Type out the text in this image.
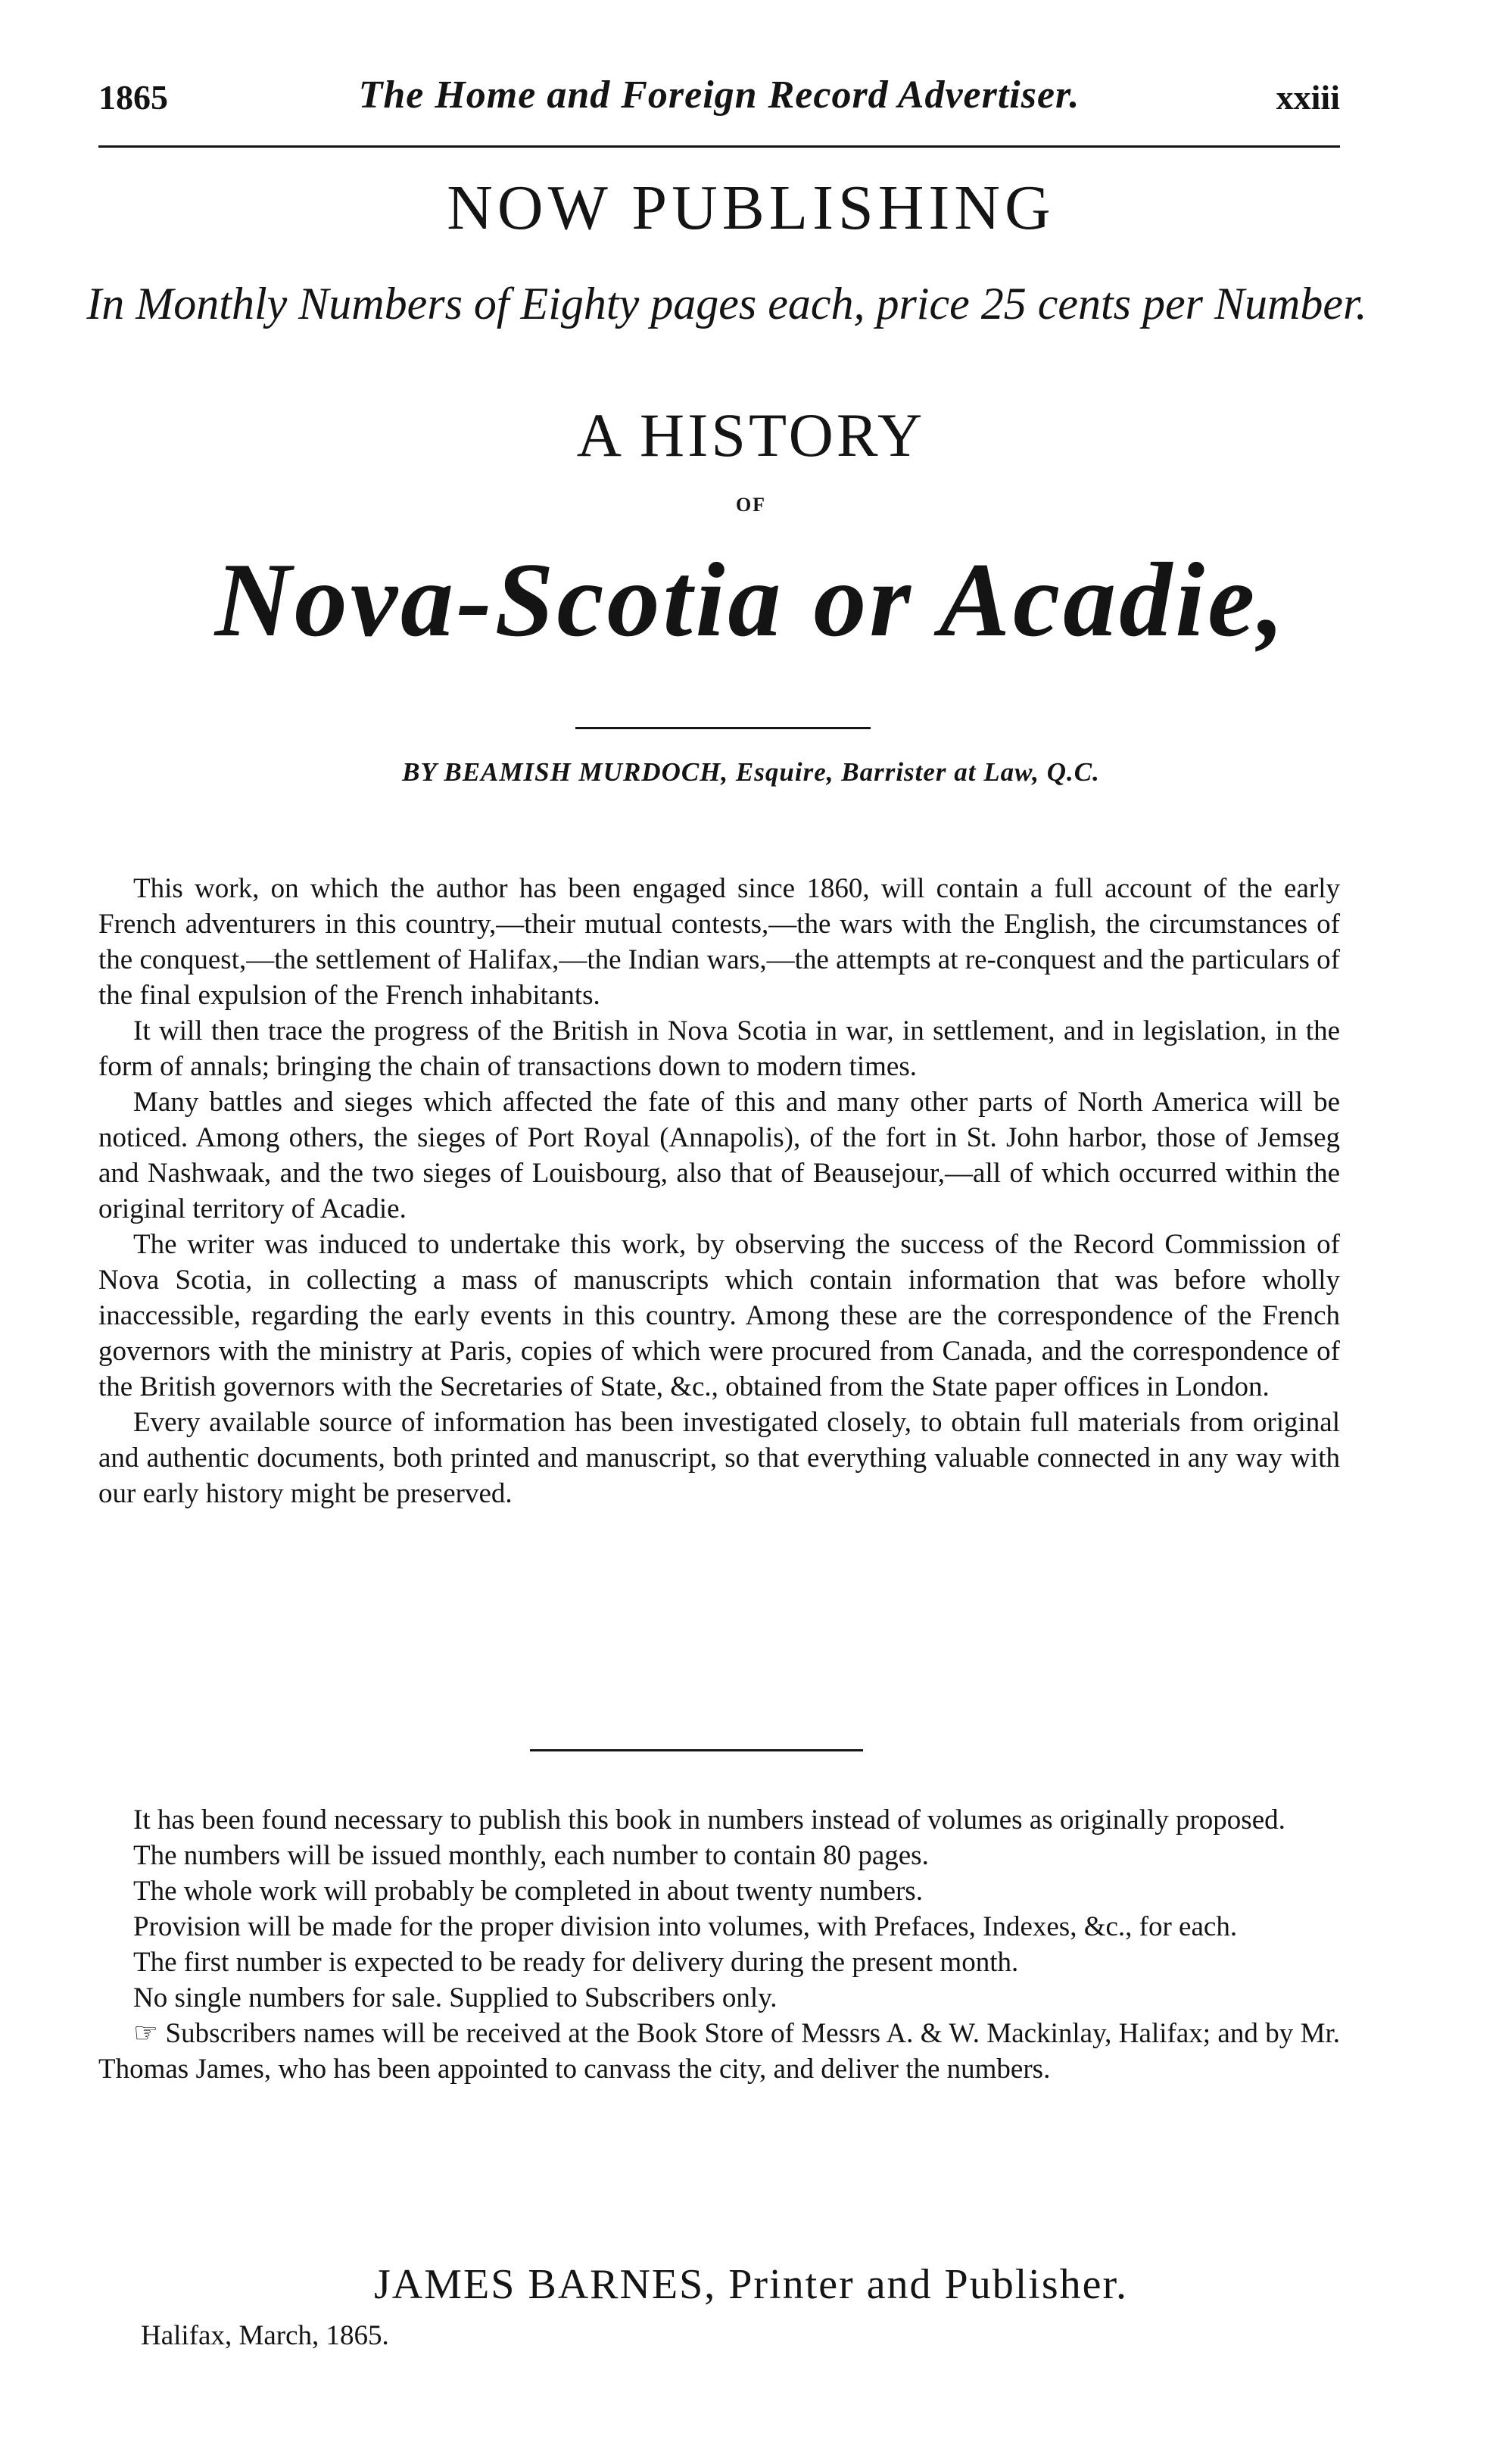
1865	The Home and Foreign Record Advertiser.	xxiii
NOW PUBLISHING
In Monthly Numbers of Eighty pages each, price 25 cents per Number.
A HISTORY
OF
Nova-Scotia or Acadie,
BY BEAMISH MURDOCH, Esquire, Barrister at Law, Q.C.

This work, on which the author has been engaged since 1860, will contain a full account of the early French adventurers in this country,—their mutual contests,—the wars with the English, the circumstances of the conquest,—the settlement of Halifax,—the Indian wars,—the attempts at re-conquest and the particulars of the final expulsion of the French inhabitants.

It will then trace the progress of the British in Nova Scotia in war, in settlement, and in legislation, in the form of annals; bringing the chain of transactions down to modern times.

Many battles and sieges which affected the fate of this and many other parts of North America will be noticed. Among others, the sieges of Port Royal (Annapolis), of the fort in St. John harbor, those of Jemseg and Nashwaak, and the two sieges of Louisbourg, also that of Beausejour,—all of which occurred within the original territory of Acadie.

The writer was induced to undertake this work, by observing the success of the Record Commission of Nova Scotia, in collecting a mass of manuscripts which contain information that was before wholly inaccessible, regarding the early events in this country. Among these are the correspondence of the French governors with the ministry at Paris, copies of which were procured from Canada, and the correspondence of the British governors with the Secretaries of State, &c., obtained from the State paper offices in London.

Every available source of information has been investigated closely, to obtain full materials from original and authentic documents, both printed and manuscript, so that everything valuable connected in any way with our early history might be preserved.

It has been found necessary to publish this book in numbers instead of volumes as originally proposed.

The numbers will be issued monthly, each number to contain 80 pages.

The whole work will probably be completed in about twenty numbers.

Provision will be made for the proper division into volumes, with Prefaces, Indexes, &c., for each.

The first number is expected to be ready for delivery during the present month.

No single numbers for sale. Supplied to Subscribers only.

☞ Subscribers names will be received at the Book Store of Messrs A. & W. Mackinlay, Halifax; and by Mr. Thomas James, who has been appointed to canvass the city, and deliver the numbers.

JAMES BARNES, Printer and Publisher.
Halifax, March, 1865.
